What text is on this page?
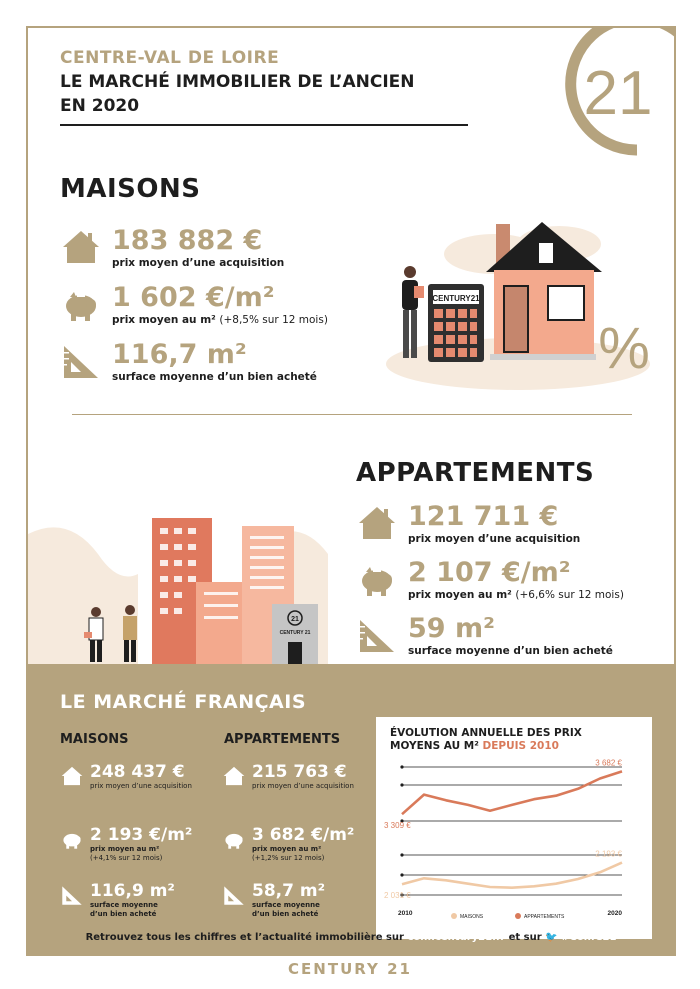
CENTRE-VAL DE LOIRE
LE MARCHÉ IMMOBILIER DE L’ANCIEN
EN 2020	21
MAISONS
183 882 €
prix moyen d’une acquisition
1 602 €/m²
prix moyen au m² (+8,5% sur 12 mois)
116,7 m²
surface moyenne d’un bien acheté
CENTURY21
%
APPARTEMENTS
121 711 €
prix moyen d’une acquisition
2 107 €/m²
prix moyen au m² (+6,6% sur 12 mois)
59 m²
surface moyenne d’un bien acheté
21
CENTURY 21
LE MARCHÉ FRANÇAIS
MAISONS	APPARTEMENTS
248 437 €
prix moyen d’une acquisition
2 193 €/m²
prix moyen au m²
(+4,1% sur 12 mois)
116,9 m²
surface moyenne
d’un bien acheté
215 763 €
prix moyen d’une acquisition
3 682 €/m²
prix moyen au m²
(+1,2% sur 12 mois)
58,7 m²
surface moyenne
d’un bien acheté
ÉVOLUTION ANNUELLE DES PRIX
MOYENS AU M² DEPUIS 2010
3 309 €
3 682 €
2 031 €
2 193 €
2010	2020
MAISONS	APPARTEMENTS
Retrouvez tous les chiffres et l’actualité immobilière sur conf.century21.fr et sur 🐦 #ConfC21
CENTURY 21
